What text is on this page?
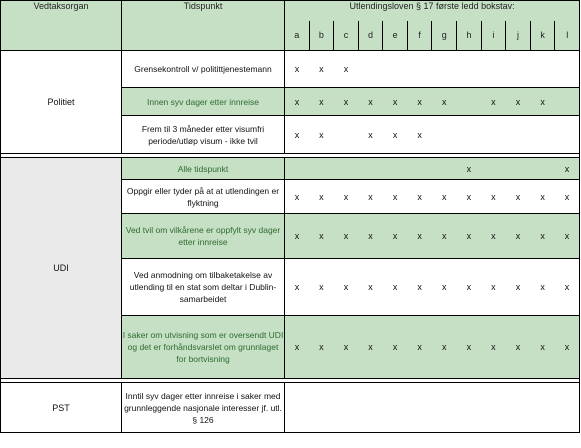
Vedtaksorgan	Tidspunkt	Utlendingsloven § 17 første ledd bokstav:											
		a	b	c	d	e	f	g	h	i	j	k	l
Politiet	Grensekontroll v/ politittjenestemann	x	x	x									
	Innen syv dager etter innreise	x	x	x	x	x	x	x		x	x	x	
	Frem til 3 måneder etter visumfri periode/utløp visum - ikke tvil	x	x		x	x	x						

UDI	Alle tidspunkt								x				x
	Oppgir eller tyder på at at utlendingen er flyktning	x	x	x	x	x	x	x	x	x	x	x	x
	Ved tvil om vilkårene er oppfylt syv dager etter innreise	x	x	x	x	x	x	x	x	x	x	x	x
	Ved anmodning om tilbaketakelse av utlending til en stat som deltar i Dublin-samarbeidet	x	x	x	x	x	x	x	x	x	x	x	x
	I saker om utvisning som er oversendt UDI og det er forhåndsvarslet om grunnlaget for bortvisning	x	x	x	x	x	x	x	x	x	x	x	x

PST	Inntil syv dager etter innreise i saker med grunnleggende nasjonale interesser jf. utl. § 126												
